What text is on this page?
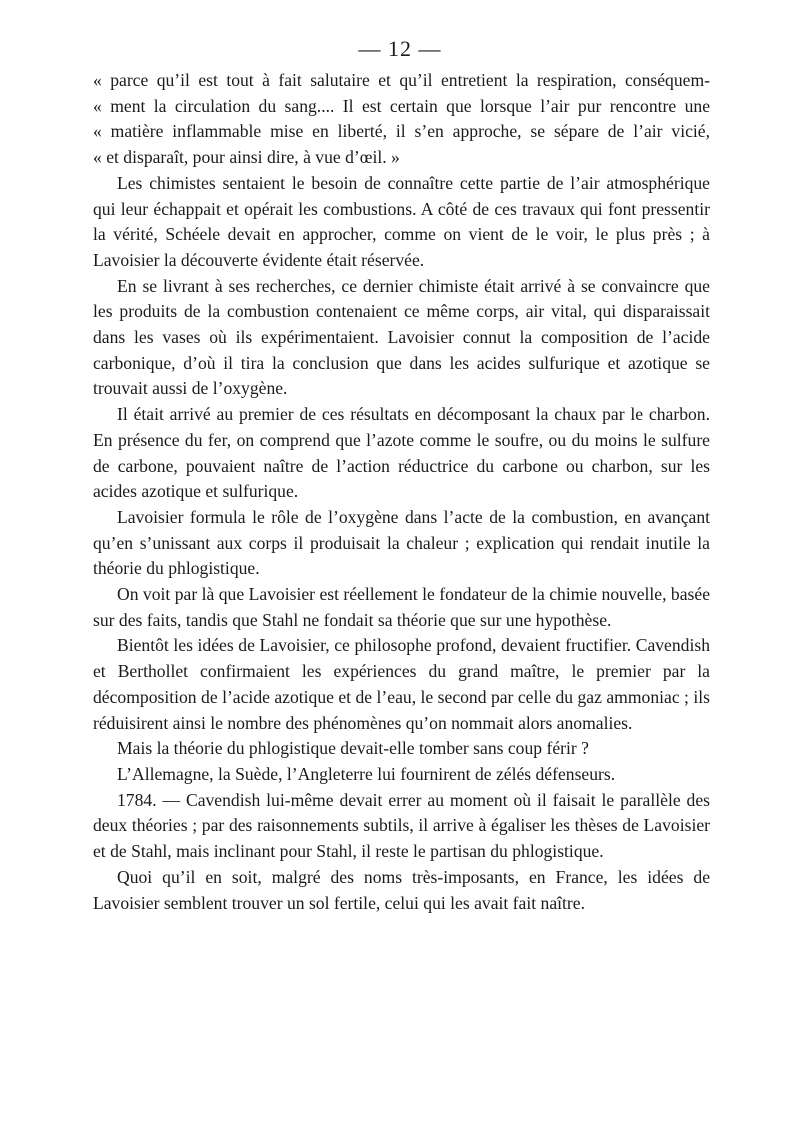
— 12 —
« parce qu’il est tout à fait salutaire et qu’il entretient la respiration, conséquem-
« ment la circulation du sang.... Il est certain que lorsque l’air pur rencontre une
« matière inflammable mise en liberté, il s’en approche, se sépare de l’air vicié,
« et disparaît, pour ainsi dire, à vue d’œil. »

Les chimistes sentaient le besoin de connaître cette partie de l’air atmosphérique qui leur échappait et opérait les combustions. A côté de ces travaux qui font pressentir la vérité, Schéele devait en approcher, comme on vient de le voir, le plus près ; à Lavoisier la découverte évidente était réservée.

En se livrant à ses recherches, ce dernier chimiste était arrivé à se convaincre que les produits de la combustion contenaient ce même corps, air vital, qui disparaissait dans les vases où ils expérimentaient. Lavoisier connut la composition de l’acide carbonique, d’où il tira la conclusion que dans les acides sulfurique et azotique se trouvait aussi de l’oxygène.

Il était arrivé au premier de ces résultats en décomposant la chaux par le charbon. En présence du fer, on comprend que l’azote comme le soufre, ou du moins le sulfure de carbone, pouvaient naître de l’action réductrice du carbone ou charbon, sur les acides azotique et sulfurique.

Lavoisier formula le rôle de l’oxygène dans l’acte de la combustion, en avançant qu’en s’unissant aux corps il produisait la chaleur ; explication qui rendait inutile la théorie du phlogistique.

On voit par là que Lavoisier est réellement le fondateur de la chimie nouvelle, basée sur des faits, tandis que Stahl ne fondait sa théorie que sur une hypothèse.

Bientôt les idées de Lavoisier, ce philosophe profond, devaient fructifier. Cavendish et Berthollet confirmaient les expériences du grand maître, le premier par la décomposition de l’acide azotique et de l’eau, le second par celle du gaz ammoniac ; ils réduisirent ainsi le nombre des phénomènes qu’on nommait alors anomalies.

Mais la théorie du phlogistique devait-elle tomber sans coup férir ?

L’Allemagne, la Suède, l’Angleterre lui fournirent de zélés défenseurs.

1784. — Cavendish lui-même devait errer au moment où il faisait le parallèle des deux théories ; par des raisonnements subtils, il arrive à égaliser les thèses de Lavoisier et de Stahl, mais inclinant pour Stahl, il reste le partisan du phlogistique.

Quoi qu’il en soit, malgré des noms très-imposants, en France, les idées de Lavoisier semblent trouver un sol fertile, celui qui les avait fait naître.
